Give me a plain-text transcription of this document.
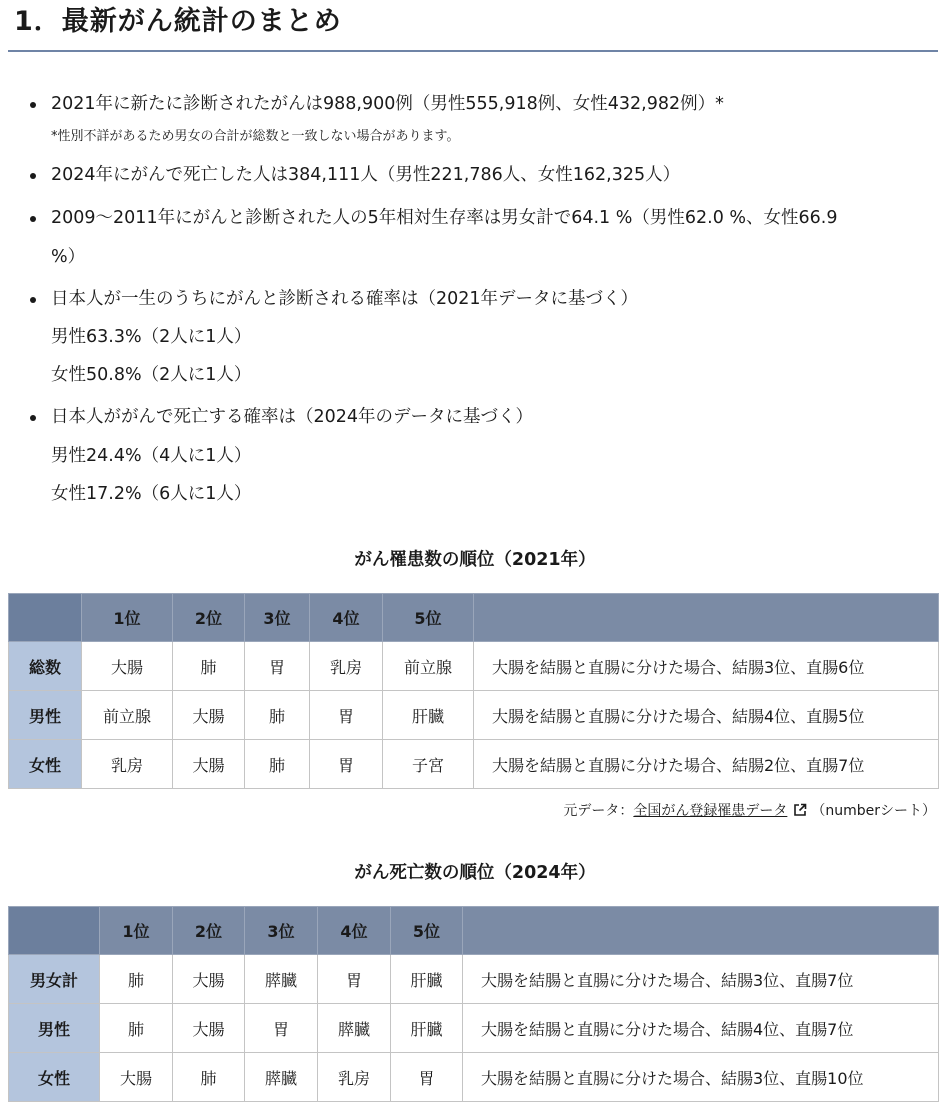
1．最新がん統計のまとめ
2021年に新たに診断されたがんは988,900例（男性555,918例、女性432,982例）*
*性別不詳があるため男女の合計が総数と一致しない場合があります。
2024年にがんで死亡した人は384,111人（男性221,786人、女性162,325人）
2009～2011年にがんと診断された人の5年相対生存率は男女計で64.1 %（男性62.0 %、女性66.9
%）
日本人が一生のうちにがんと診断される確率は（2021年データに基づく）
男性63.3%（2人に1人）
女性50.8%（2人に1人）
日本人ががんで死亡する確率は（2024年のデータに基づく）
男性24.4%（4人に1人）
女性17.2%（6人に1人）
がん罹患数の順位（2021年）
	1位	2位	3位	4位	5位	
総数	大腸	肺	胃	乳房	前立腺	大腸を結腸と直腸に分けた場合、結腸3位、直腸6位
男性	前立腺	大腸	肺	胃	肝臓	大腸を結腸と直腸に分けた場合、結腸4位、直腸5位
女性	乳房	大腸	肺	胃	子宮	大腸を結腸と直腸に分けた場合、結腸2位、直腸7位
元データ：全国がん登録罹患データ （numberシート）
がん死亡数の順位（2024年）
	1位	2位	3位	4位	5位	
男女計	肺	大腸	膵臓	胃	肝臓	大腸を結腸と直腸に分けた場合、結腸3位、直腸7位
男性	肺	大腸	胃	膵臓	肝臓	大腸を結腸と直腸に分けた場合、結腸4位、直腸7位
女性	大腸	肺	膵臓	乳房	胃	大腸を結腸と直腸に分けた場合、結腸3位、直腸10位
